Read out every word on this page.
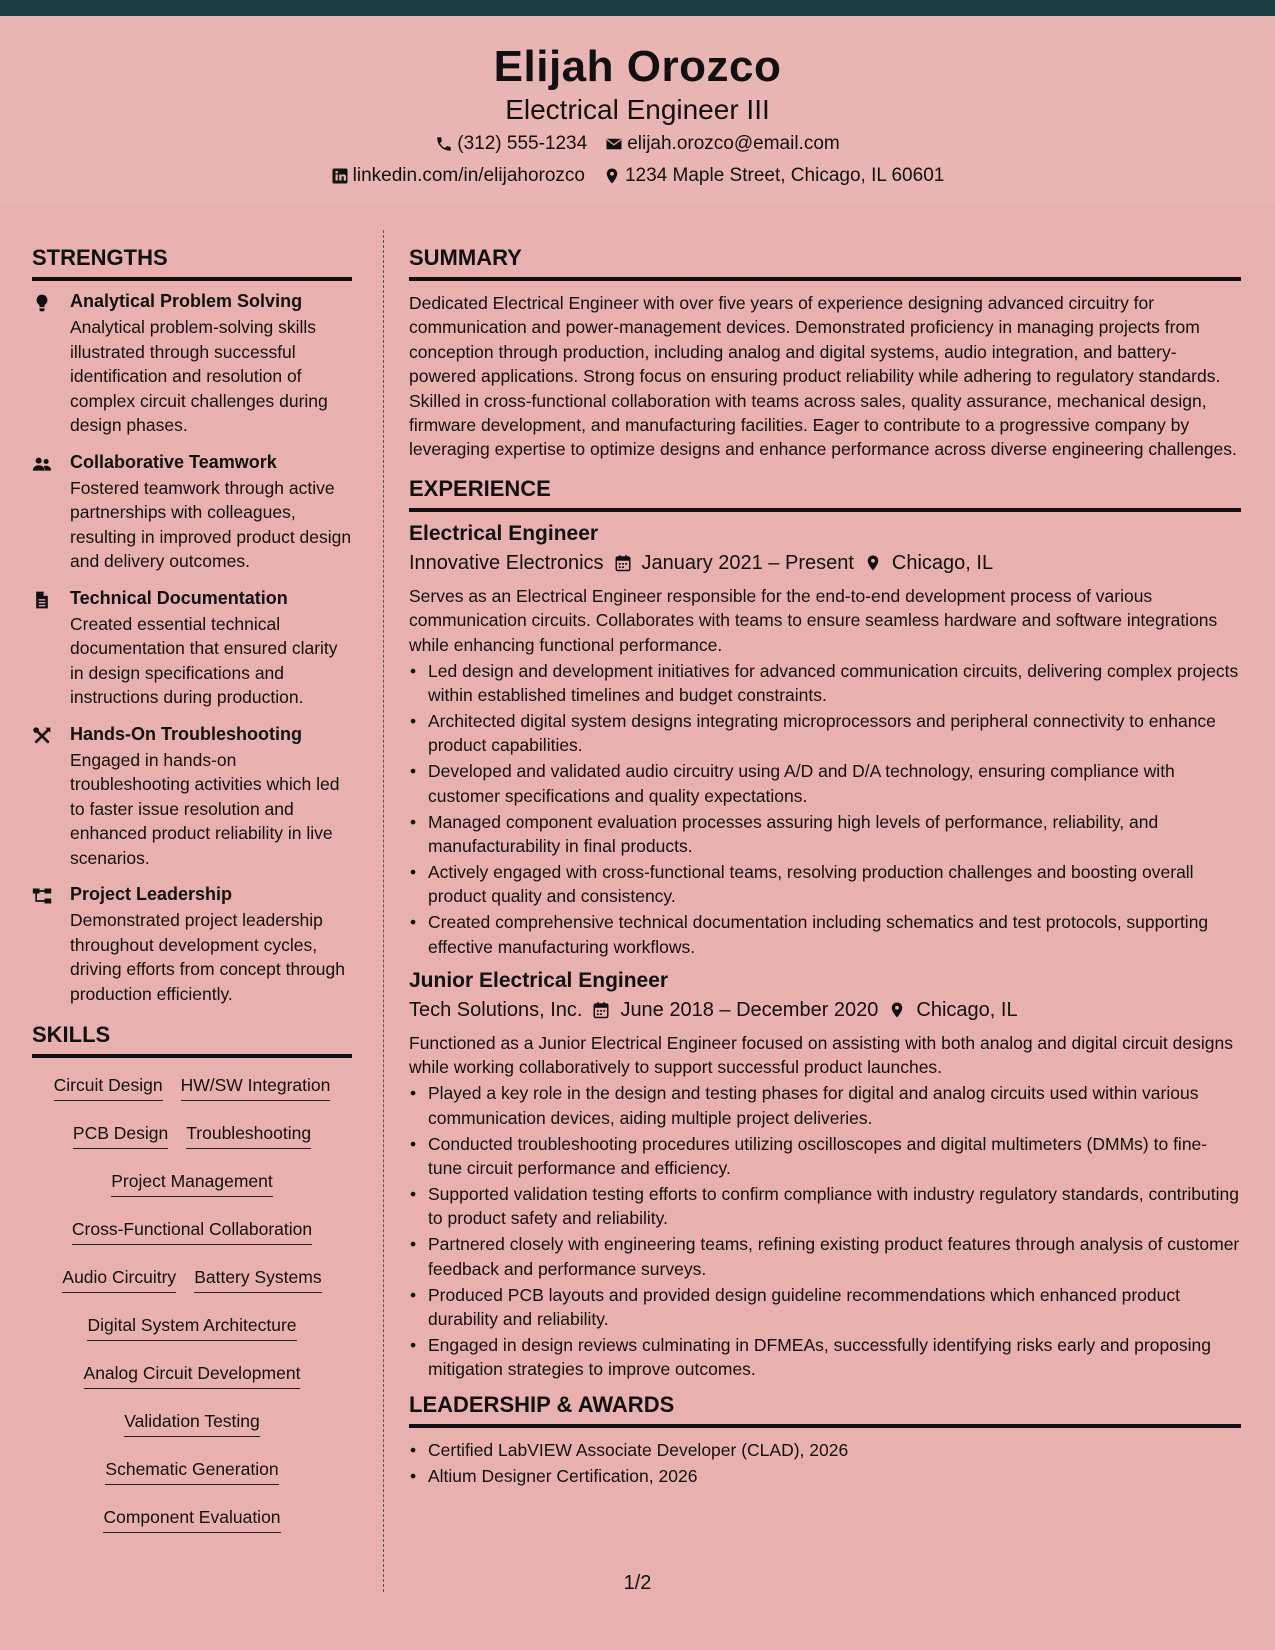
Elijah Orozco
Electrical Engineer III
(312) 555-1234 elijah.orozco@email.com
linkedin.com/in/elijahorozco 1234 Maple Street, Chicago, IL 60601
STRENGTHS
Analytical Problem Solving
Analytical problem-solving skills illustrated through successful identification and resolution of complex circuit challenges during design phases.
Collaborative Teamwork
Fostered teamwork through active partnerships with colleagues, resulting in improved product design and delivery outcomes.
Technical Documentation
Created essential technical documentation that ensured clarity in design specifications and instructions during production.
Hands-On Troubleshooting
Engaged in hands-on troubleshooting activities which led to faster issue resolution and enhanced product reliability in live scenarios.
Project Leadership
Demonstrated project leadership throughout development cycles, driving efforts from concept through production efficiently.
SKILLS
Circuit Design HW/SW Integration
PCB Design Troubleshooting
Project Management
Cross-Functional Collaboration
Audio Circuitry Battery Systems
Digital System Architecture
Analog Circuit Development
Validation Testing
Schematic Generation
Component Evaluation
SUMMARY
Dedicated Electrical Engineer with over five years of experience designing advanced circuitry for communication and power-management devices. Demonstrated proficiency in managing projects from conception through production, including analog and digital systems, audio integration, and battery-powered applications. Strong focus on ensuring product reliability while adhering to regulatory standards. Skilled in cross-functional collaboration with teams across sales, quality assurance, mechanical design, firmware development, and manufacturing facilities. Eager to contribute to a progressive company by leveraging expertise to optimize designs and enhance performance across diverse engineering challenges.
EXPERIENCE
Electrical Engineer
Innovative Electronics January 2021 – Present Chicago, IL
Serves as an Electrical Engineer responsible for the end-to-end development process of various communication circuits. Collaborates with teams to ensure seamless hardware and software integrations while enhancing functional performance.
• Led design and development initiatives for advanced communication circuits, delivering complex projects within established timelines and budget constraints.
• Architected digital system designs integrating microprocessors and peripheral connectivity to enhance product capabilities.
• Developed and validated audio circuitry using A/D and D/A technology, ensuring compliance with customer specifications and quality expectations.
• Managed component evaluation processes assuring high levels of performance, reliability, and manufacturability in final products.
• Actively engaged with cross-functional teams, resolving production challenges and boosting overall product quality and consistency.
• Created comprehensive technical documentation including schematics and test protocols, supporting effective manufacturing workflows.
Junior Electrical Engineer
Tech Solutions, Inc. June 2018 – December 2020 Chicago, IL
Functioned as a Junior Electrical Engineer focused on assisting with both analog and digital circuit designs while working collaboratively to support successful product launches.
• Played a key role in the design and testing phases for digital and analog circuits used within various communication devices, aiding multiple project deliveries.
• Conducted troubleshooting procedures utilizing oscilloscopes and digital multimeters (DMMs) to fine-tune circuit performance and efficiency.
• Supported validation testing efforts to confirm compliance with industry regulatory standards, contributing to product safety and reliability.
• Partnered closely with engineering teams, refining existing product features through analysis of customer feedback and performance surveys.
• Produced PCB layouts and provided design guideline recommendations which enhanced product durability and reliability.
• Engaged in design reviews culminating in DFMEAs, successfully identifying risks early and proposing mitigation strategies to improve outcomes.
LEADERSHIP & AWARDS
• Certified LabVIEW Associate Developer (CLAD), 2026
• Altium Designer Certification, 2026
1/2
